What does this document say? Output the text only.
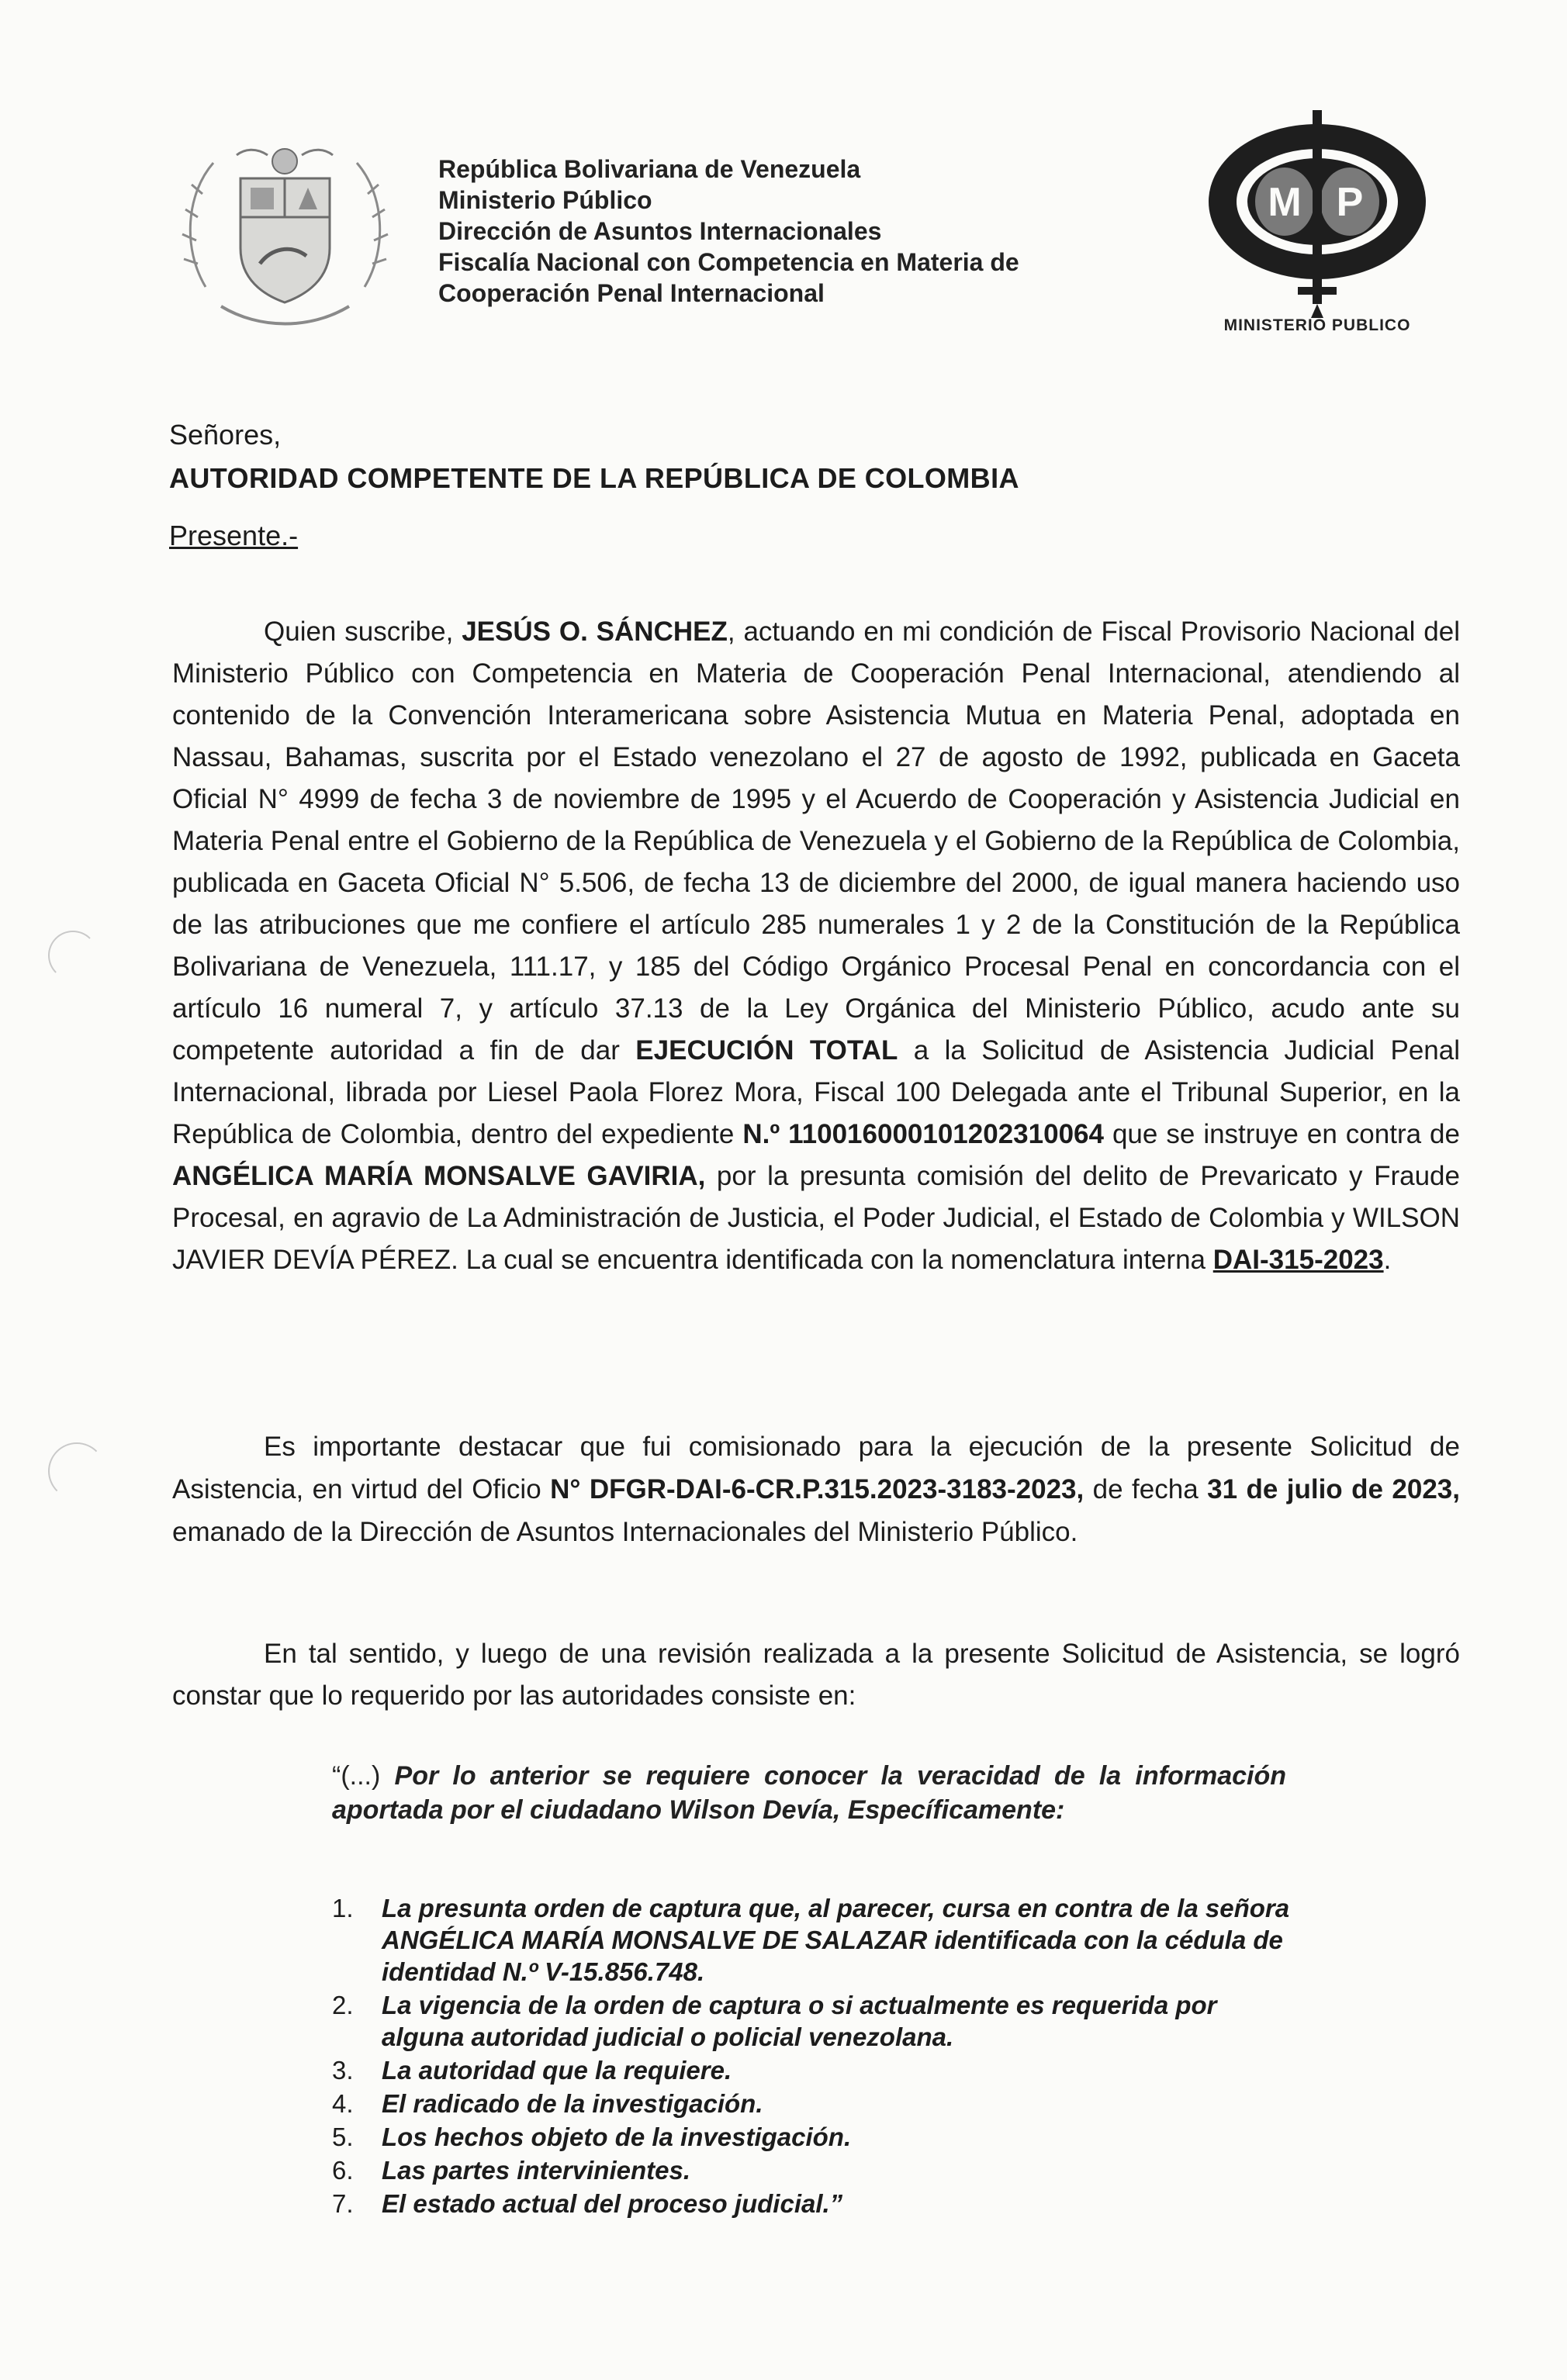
República Bolivariana de Venezuela
Ministerio Público
Dirección de Asuntos Internacionales
Fiscalía Nacional con Competencia en Materia de
Cooperación Penal Internacional
M P
MINISTERIO PUBLICO
Señores,
AUTORIDAD COMPETENTE DE LA REPÚBLICA DE COLOMBIA
Presente.-

Quien suscribe, JESÚS O. SÁNCHEZ, actuando en mi condición de Fiscal Provisorio Nacional del Ministerio Público con Competencia en Materia de Cooperación Penal Internacional, atendiendo al contenido de la Convención Interamericana sobre Asistencia Mutua en Materia Penal, adoptada en Nassau, Bahamas, suscrita por el Estado venezolano el 27 de agosto de 1992, publicada en Gaceta Oficial N° 4999 de fecha 3 de noviembre de 1995 y el Acuerdo de Cooperación y Asistencia Judicial en Materia Penal entre el Gobierno de la República de Venezuela y el Gobierno de la República de Colombia, publicada en Gaceta Oficial N° 5.506, de fecha 13 de diciembre del 2000, de igual manera haciendo uso de las atribuciones que me confiere el artículo 285 numerales 1 y 2 de la Constitución de la República Bolivariana de Venezuela, 111.17, y 185 del Código Orgánico Procesal Penal en concordancia con el artículo 16 numeral 7, y artículo 37.13 de la Ley Orgánica del Ministerio Público, acudo ante su competente autoridad a fin de dar EJECUCIÓN TOTAL a la Solicitud de Asistencia Judicial Penal Internacional, librada por Liesel Paola Florez Mora, Fiscal 100 Delegada ante el Tribunal Superior, en la República de Colombia, dentro del expediente N.º 110016000101202310064 que se instruye en contra de ANGÉLICA MARÍA MONSALVE GAVIRIA, por la presunta comisión del delito de Prevaricato y Fraude Procesal, en agravio de La Administración de Justicia, el Poder Judicial, el Estado de Colombia y WILSON JAVIER DEVÍA PÉREZ. La cual se encuentra identificada con la nomenclatura interna DAI-315-2023.

Es importante destacar que fui comisionado para la ejecución de la presente Solicitud de Asistencia, en virtud del Oficio N° DFGR-DAI-6-CR.P.315.2023-3183-2023, de fecha 31 de julio de 2023, emanado de la Dirección de Asuntos Internacionales del Ministerio Público.

En tal sentido, y luego de una revisión realizada a la presente Solicitud de Asistencia, se logró constar que lo requerido por las autoridades consiste en:

“(...) Por lo anterior se requiere conocer la veracidad de la información aportada por el ciudadano Wilson Devía, Específicamente:
1. La presunta orden de captura que, al parecer, cursa en contra de la señora ANGÉLICA MARÍA MONSALVE DE SALAZAR identificada con la cédula de identidad N.º V-15.856.748.
2. La vigencia de la orden de captura o si actualmente es requerida por alguna autoridad judicial o policial venezolana.
3. La autoridad que la requiere.
4. El radicado de la investigación.
5. Los hechos objeto de la investigación.
6. Las partes intervinientes.
7. El estado actual del proceso judicial.”
